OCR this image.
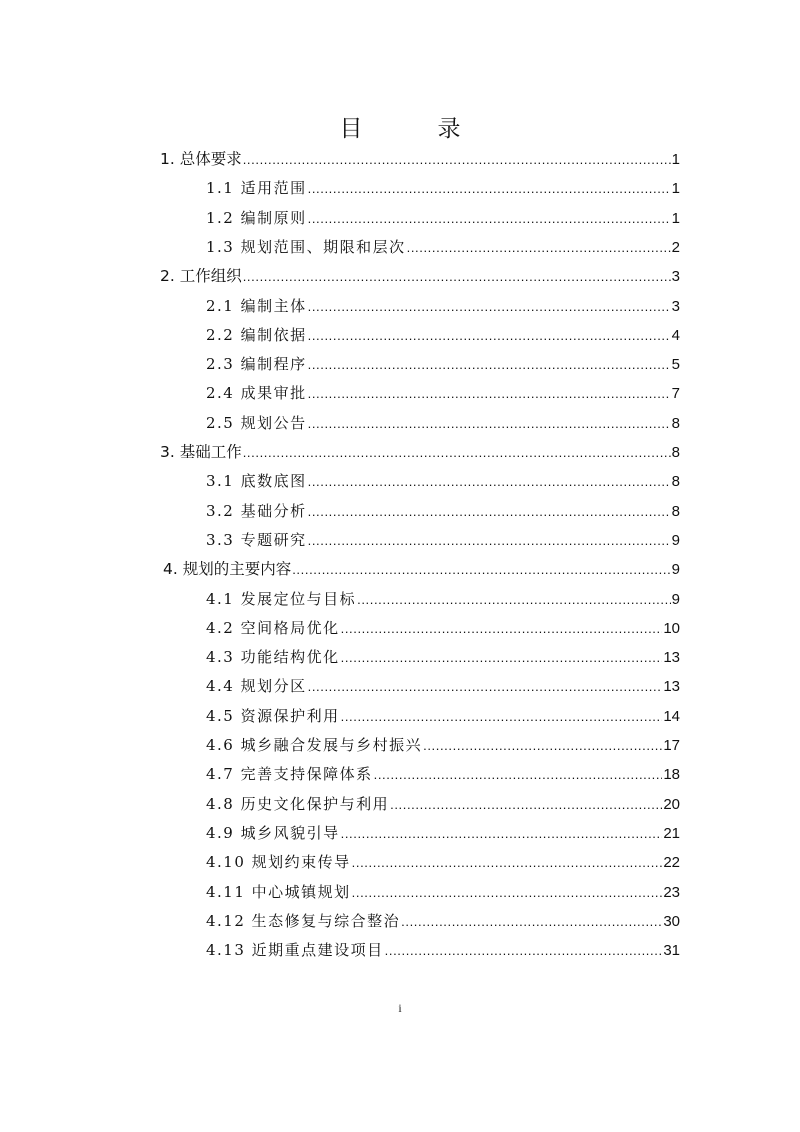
目　录
1. 总体要求 .....	1
1.1 适用范围 .....	1
1.2 编制原则 .....	1
1.3 规划范围、期限和层次 .....	2
2. 工作组织 .....	3
2.1 编制主体 .....	3
2.2 编制依据 .....	4
2.3 编制程序 .....	5
2.4 成果审批 .....	7
2.5 规划公告 .....	8
3. 基础工作 .....	8
3.1 底数底图 .....	8
3.2 基础分析 .....	8
3.3 专题研究 .....	9
4. 规划的主要内容 .....	9
4.1 发展定位与目标 .....	9
4.2 空间格局优化 .....	10
4.3 功能结构优化 .....	13
4.4 规划分区 .....	13
4.5 资源保护利用 .....	14
4.6 城乡融合发展与乡村振兴 .....	17
4.7 完善支持保障体系 .....	18
4.8 历史文化保护与利用 .....	20
4.9 城乡风貌引导 .....	21
4.10 规划约束传导 .....	22
4.11 中心城镇规划 .....	23
4.12 生态修复与综合整治 .....	30
4.13 近期重点建设项目 .....	31
i
